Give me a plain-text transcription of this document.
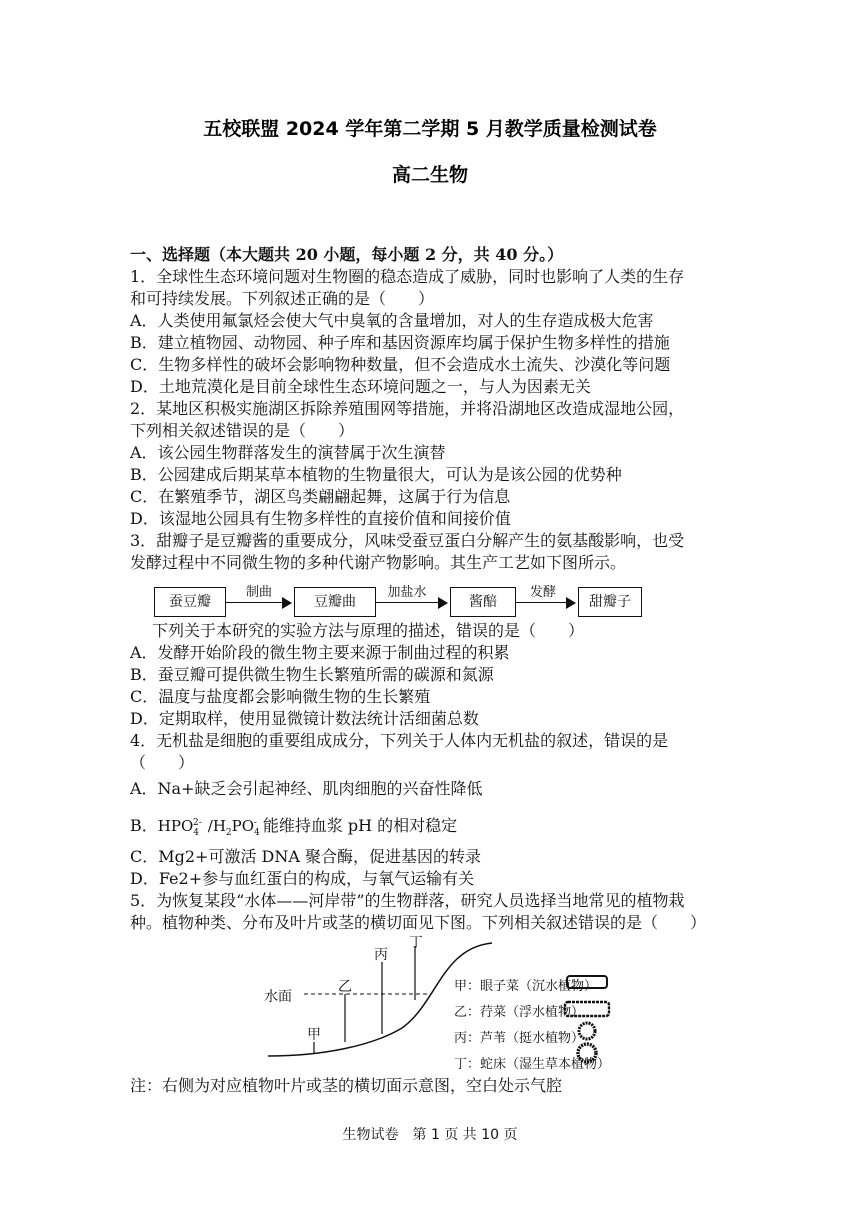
五校联盟 2024 学年第二学期 5 月教学质量检测试卷
高二生物
一、选择题（本大题共 20 小题，每小题 2 分，共 40 分。）
1．全球性生态环境问题对生物圈的稳态造成了威胁，同时也影响了人类的生存
和可持续发展。下列叙述正确的是（　　）
A．人类使用氟氯烃会使大气中臭氧的含量增加，对人的生存造成极大危害
B．建立植物园、动物园、种子库和基因资源库均属于保护生物多样性的措施
C．生物多样性的破坏会影响物种数量，但不会造成水土流失、沙漠化等问题
D．土地荒漠化是目前全球性生态环境问题之一，与人为因素无关
2．某地区积极实施湖区拆除养殖围网等措施，并将沿湖地区改造成湿地公园，
下列相关叙述错误的是（　　）
A．该公园生物群落发生的演替属于次生演替
B．公园建成后期某草本植物的生物量很大，可认为是该公园的优势种
C．在繁殖季节，湖区鸟类翩翩起舞，这属于行为信息
D．该湿地公园具有生物多样性的直接价值和间接价值
3．甜瓣子是豆瓣酱的重要成分，风味受蚕豆蛋白分解产生的氨基酸影响，也受
发酵过程中不同微生物的多种代谢产物影响。其生产工艺如下图所示。
下列关于本研究的实验方法与原理的描述，错误的是（　　）
A．发酵开始阶段的微生物主要来源于制曲过程的积累
B．蚕豆瓣可提供微生物生长繁殖所需的碳源和氮源
C．温度与盐度都会影响微生物的生长繁殖
D．定期取样，使用显微镜计数法统计活细菌总数
4．无机盐是细胞的重要组成成分，下列关于人体内无机盐的叙述，错误的是
（　　）
A．Na+缺乏会引起神经、肌肉细胞的兴奋性降低
B．$HPO_4^{2-}$ $/H_2PO_4^-$ 能维持血浆 pH 的相对稳定
C．Mg2+可激活 DNA 聚合酶，促进基因的转录
D．Fe2+参与血红蛋白的构成，与氧气运输有关
5．为恢复某段“水体——河岸带”的生物群落，研究人员选择当地常见的植物栽
种。植物种类、分布及叶片或茎的横切面见下图。下列相关叙述错误的是（　　）
蚕豆瓣
制曲
豆瓣曲
加盐水
酱醅
发酵
甜瓣子
水面
甲
乙
丙
丁
甲：眼子菜（沉水植物）
乙：荇菜（浮水植物）
丙：芦苇（挺水植物）
丁：蛇床（湿生草本植物）
注：右侧为对应植物叶片或茎的横切面示意图，空白处示气腔
生物试卷　第 1 页 共 10 页
